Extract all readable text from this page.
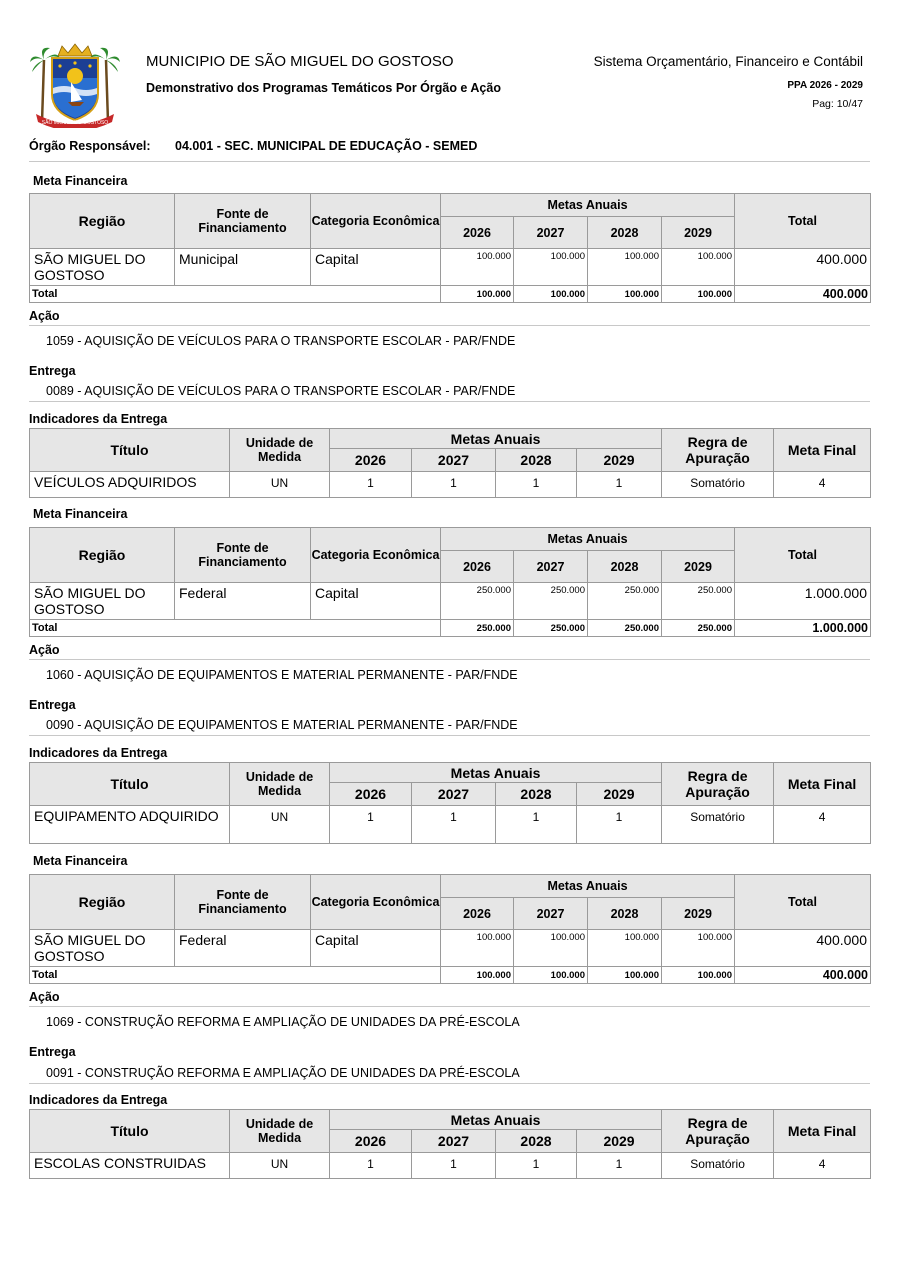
SÃO MIGUEL DO GOSTOSO
MUNICIPIO DE SÃO MIGUEL DO GOSTOSO
Demonstrativo dos Programas Temáticos Por Órgão e Ação
Sistema Orçamentário, Financeiro e Contábil
PPA 2026 - 2029
Pag: 10/47
Órgão Responsável: 04.001 - SEC. MUNICIPAL DE EDUCAÇÃO - SEMED
Meta Financeira
Região	Fonte de Financiamento	Categoria Econômica	Metas Anuais				Total
			2026	2027	2028	2029	
SÃO MIGUEL DO GOSTOSO	Municipal	Capital	100.000	100.000	100.000	100.000	400.000
Total			100.000	100.000	100.000	100.000	400.000
Ação
1059 - AQUISIÇÃO DE VEÍCULOS PARA O TRANSPORTE ESCOLAR - PAR/FNDE
Entrega
0089 - AQUISIÇÃO DE VEÍCULOS PARA O TRANSPORTE ESCOLAR - PAR/FNDE
Indicadores da Entrega
Título	Unidade de Medida	Metas Anuais				Regra de Apuração	Meta Final
		2026	2027	2028	2029		
VEÍCULOS ADQUIRIDOS	UN	1	1	1	1	Somatório	4
Meta Financeira
Região	Fonte de Financiamento	Categoria Econômica	Metas Anuais				Total
			2026	2027	2028	2029	
SÃO MIGUEL DO GOSTOSO	Federal	Capital	250.000	250.000	250.000	250.000	1.000.000
Total			250.000	250.000	250.000	250.000	1.000.000
Ação
1060 - AQUISIÇÃO DE EQUIPAMENTOS E MATERIAL PERMANENTE - PAR/FNDE
Entrega
0090 - AQUISIÇÃO DE EQUIPAMENTOS E MATERIAL PERMANENTE - PAR/FNDE
Indicadores da Entrega
Título	Unidade de Medida	Metas Anuais				Regra de Apuração	Meta Final
		2026	2027	2028	2029		
EQUIPAMENTO ADQUIRIDO	UN	1	1	1	1	Somatório	4
Meta Financeira
Região	Fonte de Financiamento	Categoria Econômica	Metas Anuais				Total
			2026	2027	2028	2029	
SÃO MIGUEL DO GOSTOSO	Federal	Capital	100.000	100.000	100.000	100.000	400.000
Total			100.000	100.000	100.000	100.000	400.000
Ação
1069 - CONSTRUÇÃO REFORMA E AMPLIAÇÃO DE UNIDADES DA PRÉ-ESCOLA
Entrega
0091 - CONSTRUÇÃO REFORMA E AMPLIAÇÃO DE UNIDADES DA PRÉ-ESCOLA
Indicadores da Entrega
Título	Unidade de Medida	Metas Anuais				Regra de Apuração	Meta Final
		2026	2027	2028	2029		
ESCOLAS CONSTRUIDAS	UN	1	1	1	1	Somatório	4
